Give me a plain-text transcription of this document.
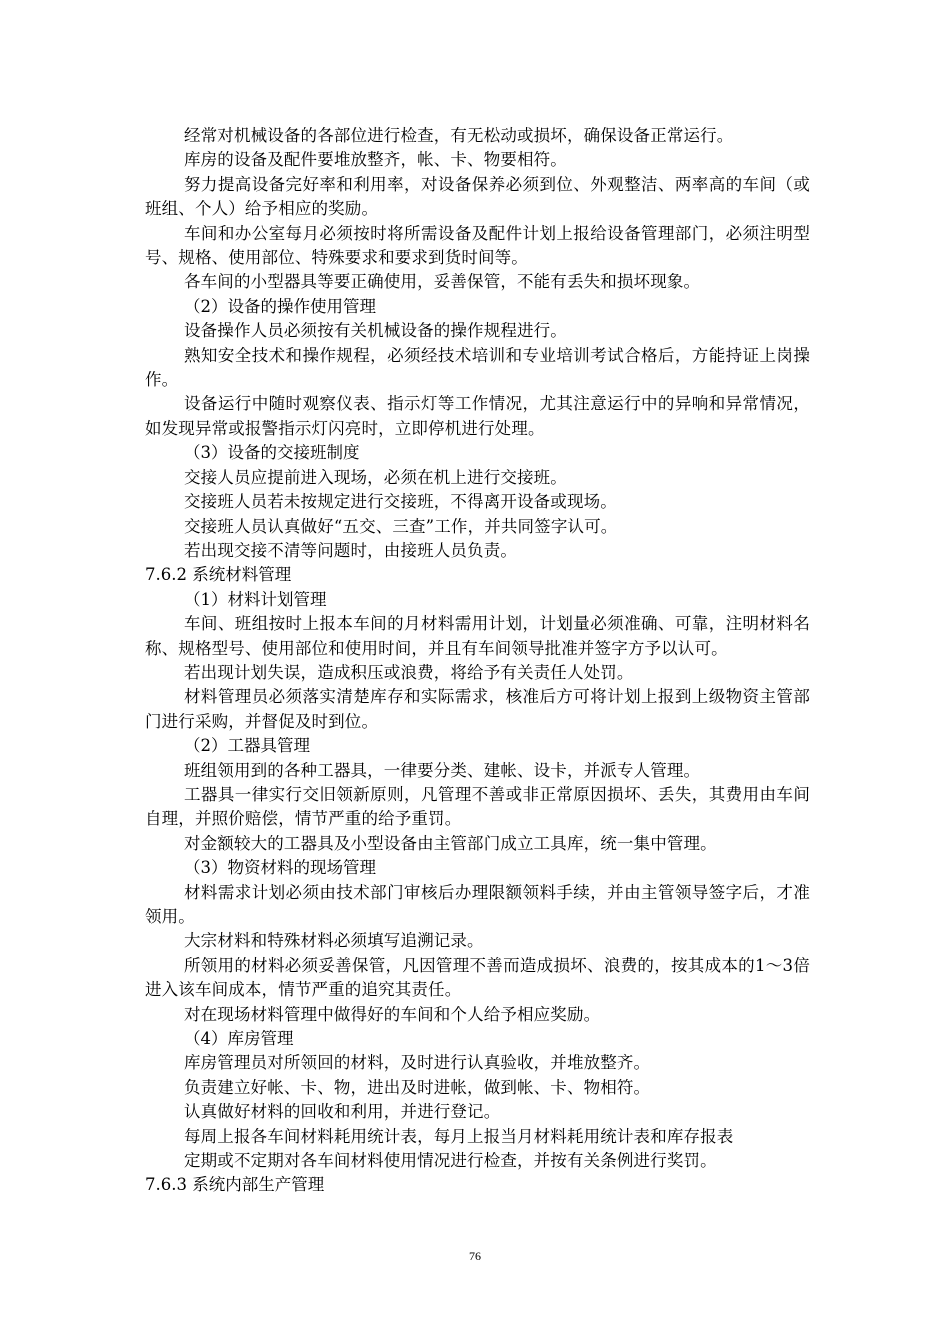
经常对机械设备的各部位进行检查，有无松动或损坏，确保设备正常运行。

库房的设备及配件要堆放整齐，帐、卡、物要相符。

努力提高设备完好率和利用率，对设备保养必须到位、外观整洁、两率高的车间（或班组、个人）给予相应的奖励。

车间和办公室每月必须按时将所需设备及配件计划上报给设备管理部门，必须注明型号、规格、使用部位、特殊要求和要求到货时间等。

各车间的小型器具等要正确使用，妥善保管，不能有丢失和损坏现象。

（2）设备的操作使用管理

设备操作人员必须按有关机械设备的操作规程进行。

熟知安全技术和操作规程，必须经技术培训和专业培训考试合格后，方能持证上岗操作。

设备运行中随时观察仪表、指示灯等工作情况，尤其注意运行中的异响和异常情况，如发现异常或报警指示灯闪亮时，立即停机进行处理。

（3）设备的交接班制度

交接人员应提前进入现场，必须在机上进行交接班。

交接班人员若未按规定进行交接班，不得离开设备或现场。

交接班人员认真做好“五交、三查”工作，并共同签字认可。

若出现交接不清等问题时，由接班人员负责。

7.6.2 系统材料管理

（1）材料计划管理

车间、班组按时上报本车间的月材料需用计划，计划量必须准确、可靠，注明材料名称、规格型号、使用部位和使用时间，并且有车间领导批准并签字方予以认可。

若出现计划失误，造成积压或浪费，将给予有关责任人处罚。

材料管理员必须落实清楚库存和实际需求，核准后方可将计划上报到上级物资主管部门进行采购，并督促及时到位。

（2）工器具管理

班组领用到的各种工器具，一律要分类、建帐、设卡，并派专人管理。

工器具一律实行交旧领新原则，凡管理不善或非正常原因损坏、丢失，其费用由车间自理，并照价赔偿，情节严重的给予重罚。

对金额较大的工器具及小型设备由主管部门成立工具库，统一集中管理。

（3）物资材料的现场管理

材料需求计划必须由技术部门审核后办理限额领料手续，并由主管领导签字后，才准领用。

大宗材料和特殊材料必须填写追溯记录。

所领用的材料必须妥善保管，凡因管理不善而造成损坏、浪费的，按其成本的1～3倍进入该车间成本，情节严重的追究其责任。

对在现场材料管理中做得好的车间和个人给予相应奖励。

（4）库房管理

库房管理员对所领回的材料，及时进行认真验收，并堆放整齐。

负责建立好帐、卡、物，进出及时进帐，做到帐、卡、物相符。

认真做好材料的回收和利用，并进行登记。

每周上报各车间材料耗用统计表，每月上报当月材料耗用统计表和库存报表

定期或不定期对各车间材料使用情况进行检查，并按有关条例进行奖罚。

7.6.3 系统内部生产管理

76
